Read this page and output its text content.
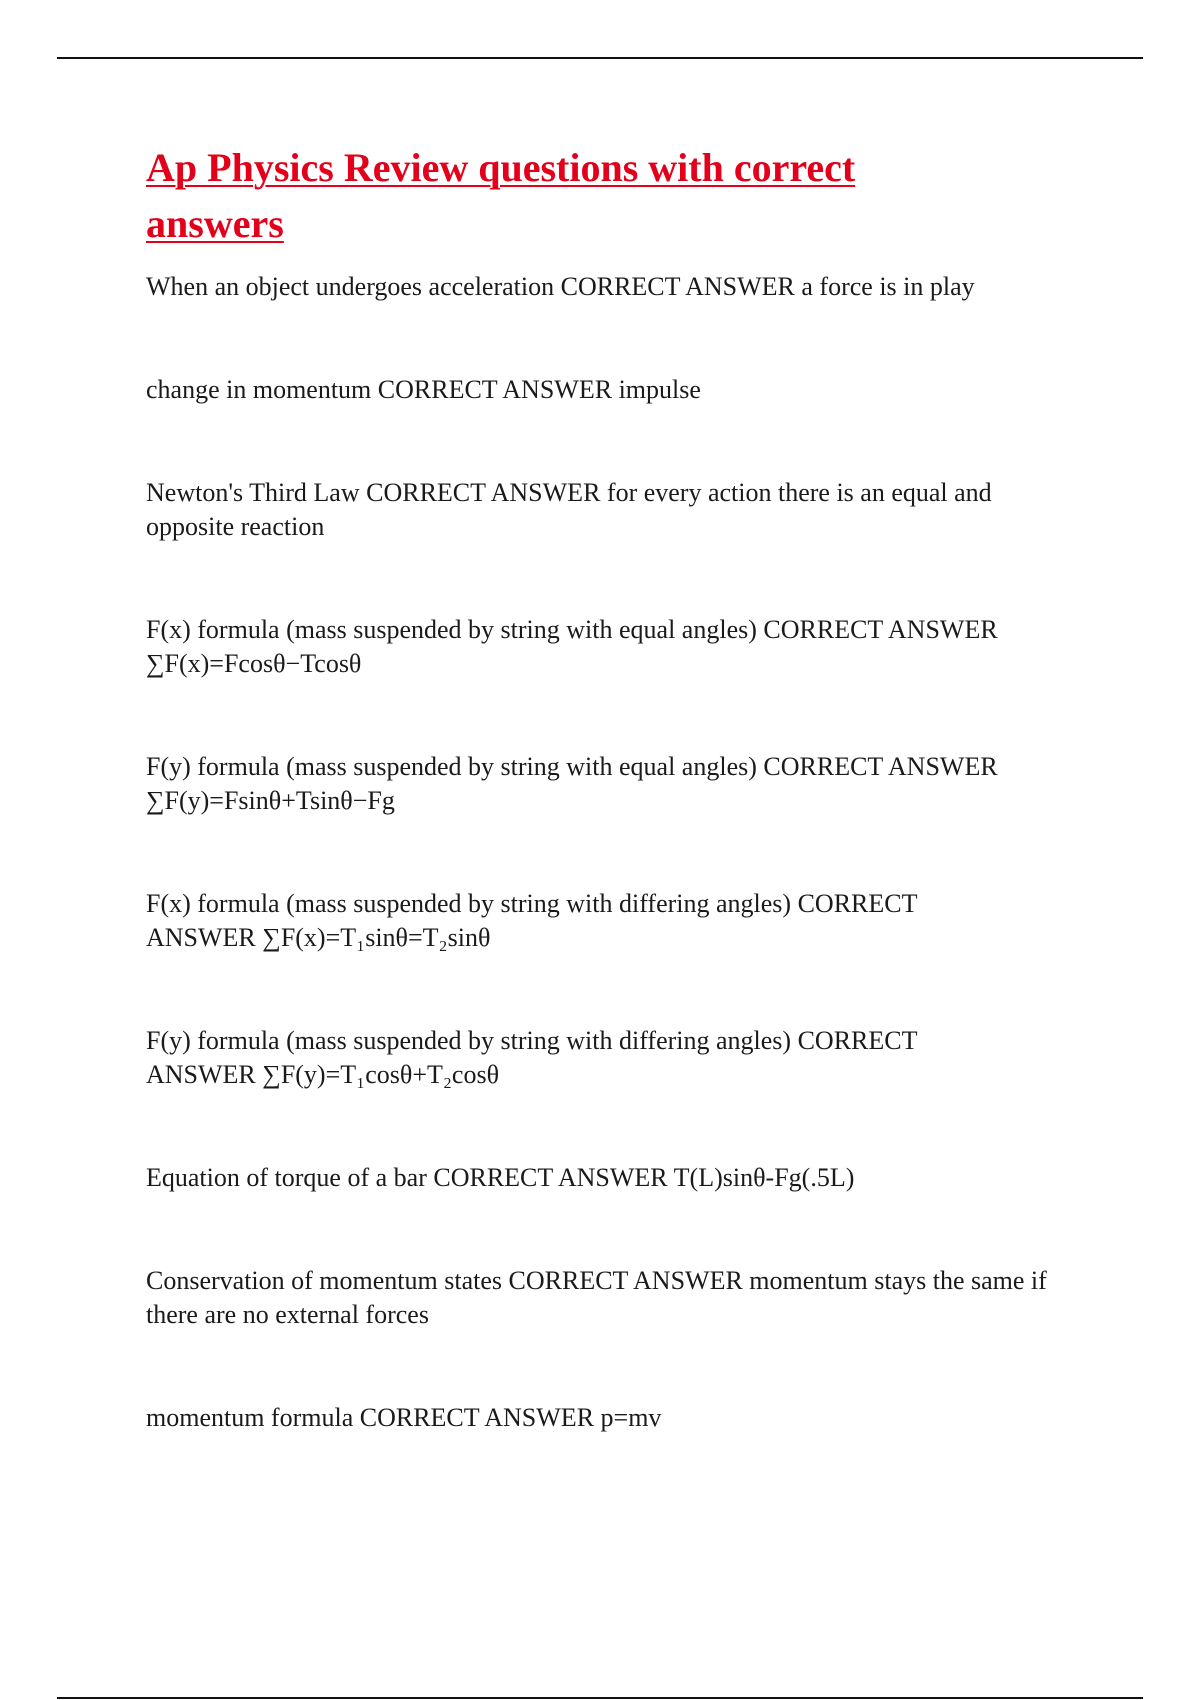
Ap Physics Review questions with correct answers

When an object undergoes acceleration CORRECT ANSWER a force is in play

change in momentum CORRECT ANSWER impulse

Newton's Third Law CORRECT ANSWER for every action there is an equal and opposite reaction

F(x) formula (mass suspended by string with equal angles) CORRECT ANSWER ∑F(x)=Fcosθ−Tcosθ

F(y) formula (mass suspended by string with equal angles) CORRECT ANSWER ∑F(y)=Fsinθ+Tsinθ−Fg

F(x) formula (mass suspended by string with differing angles) CORRECT ANSWER ∑F(x)=T₁sinθ=T₂sinθ

F(y) formula (mass suspended by string with differing angles) CORRECT ANSWER ∑F(y)=T₁cosθ+T₂cosθ

Equation of torque of a bar CORRECT ANSWER T(L)sinθ-Fg(.5L)

Conservation of momentum states CORRECT ANSWER momentum stays the same if there are no external forces

momentum formula CORRECT ANSWER p=mv
